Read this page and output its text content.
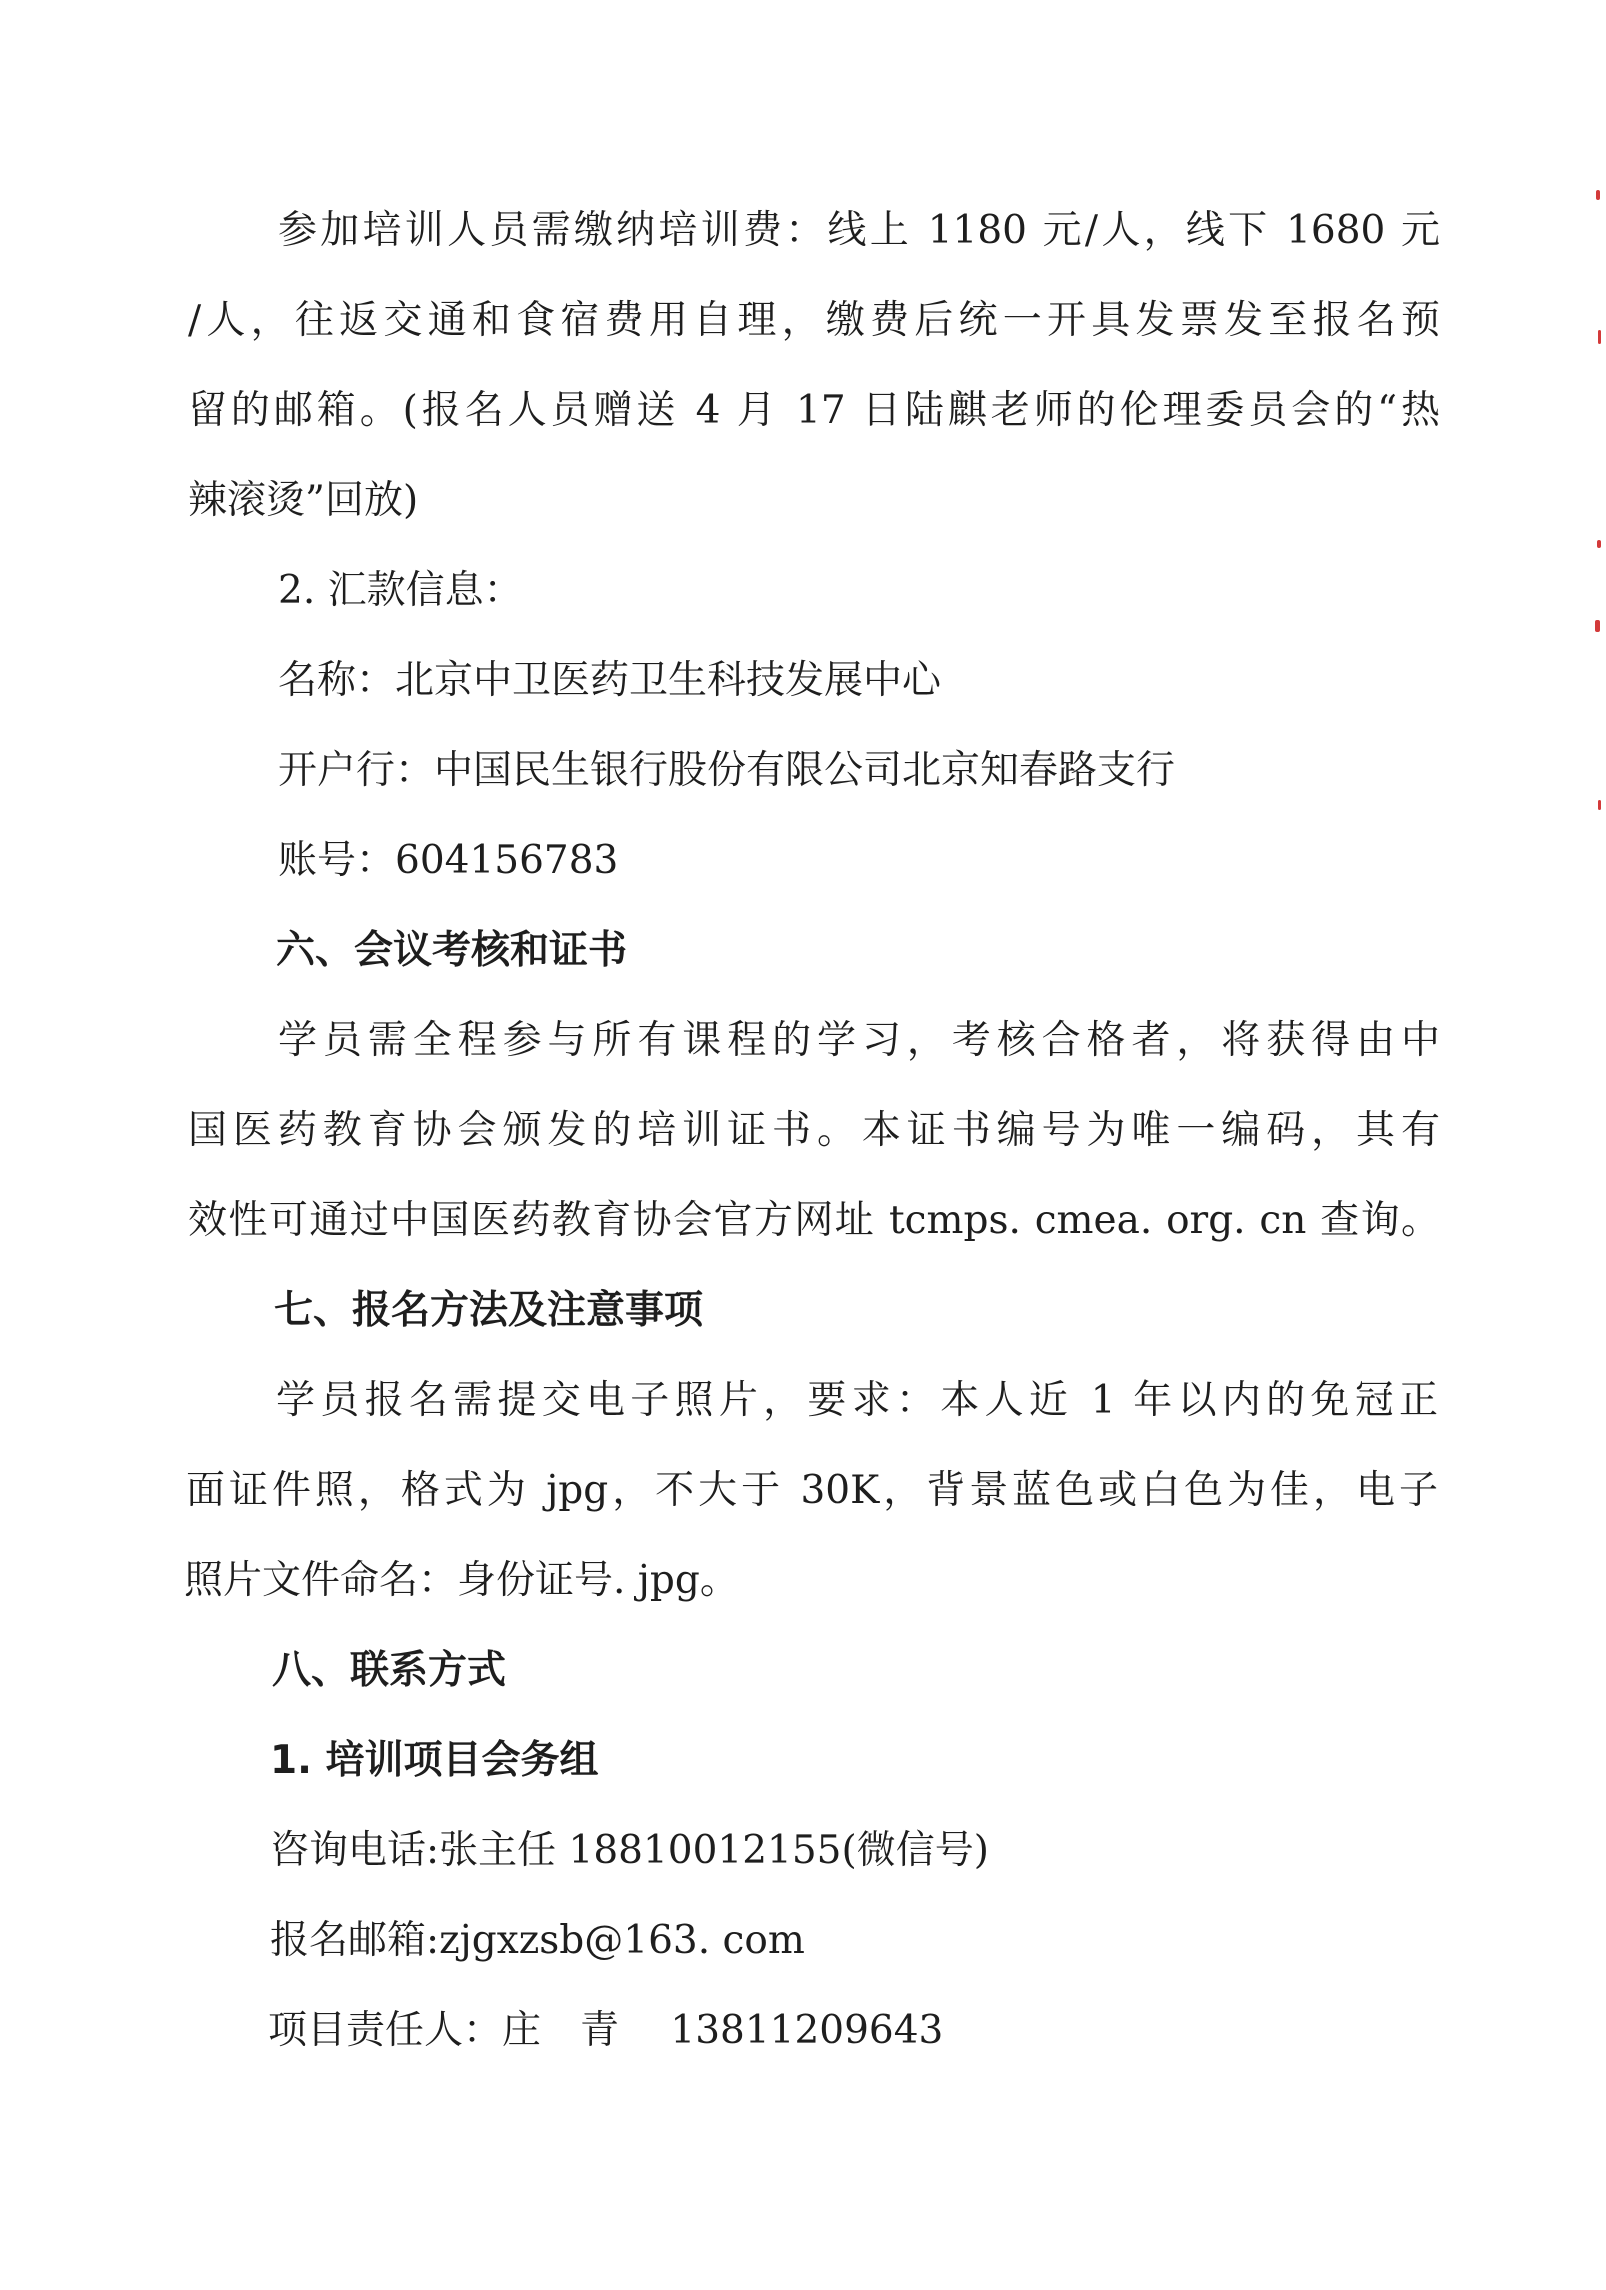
参加培训人员需缴纳培训费：线上 1180 元/人，线下 1680 元
/人，往返交通和食宿费用自理，缴费后统一开具发票发至报名预
留的邮箱。(报名人员赠送 4 月 17 日陆麒老师的伦理委员会的“热
辣滚烫”回放)
2. 汇款信息：
名称：北京中卫医药卫生科技发展中心
开户行：中国民生银行股份有限公司北京知春路支行
账号：604156783
六、会议考核和证书
学员需全程参与所有课程的学习，考核合格者，将获得由中
国医药教育协会颁发的培训证书。本证书编号为唯一编码，其有
效性可通过中国医药教育协会官方网址 tcmps. cmea. org. cn 查询。
七、报名方法及注意事项
学员报名需提交电子照片，要求：本人近 1 年以内的免冠正
面证件照，格式为 jpg，不大于 30K，背景蓝色或白色为佳，电子
照片文件命名：身份证号. jpg。
八、联系方式
1. 培训项目会务组
咨询电话:张主任 18810012155(微信号)
报名邮箱:zjgxzsb@163. com
项目责任人：庄　青　 13811209643
